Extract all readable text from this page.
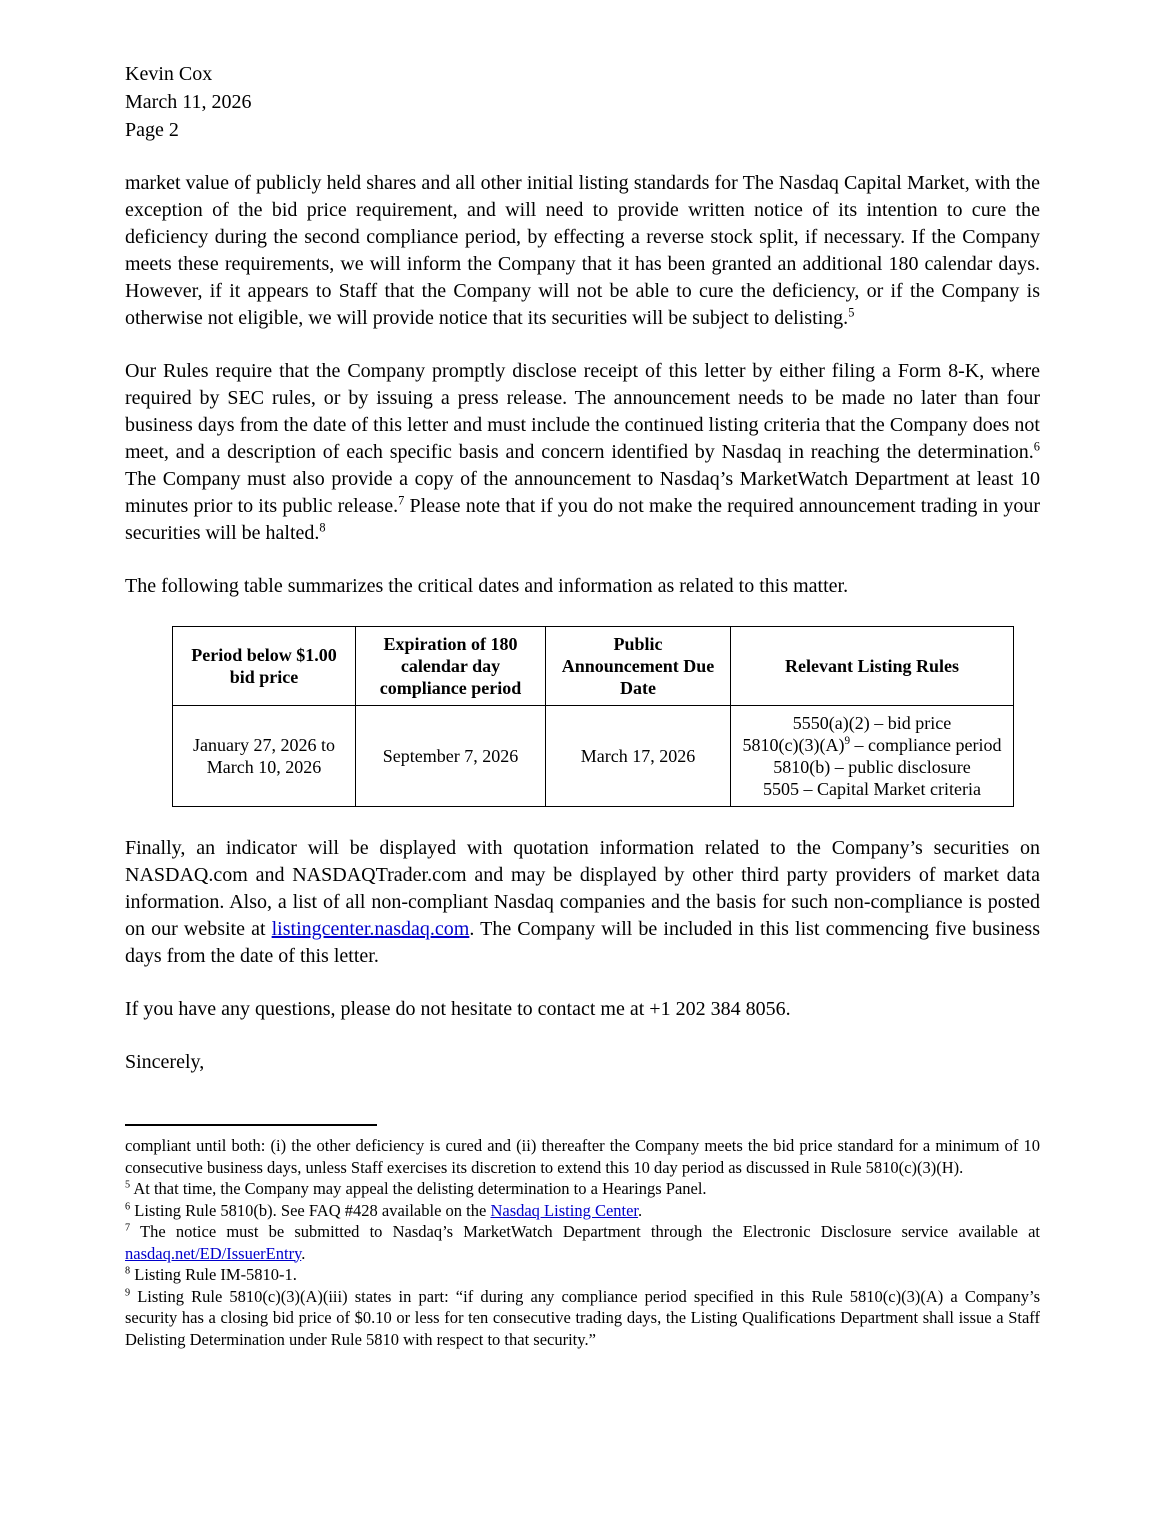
Kevin Cox
March 11, 2026
Page 2

market value of publicly held shares and all other initial listing standards for The Nasdaq Capital Market, with the exception of the bid price requirement, and will need to provide written notice of its intention to cure the deficiency during the second compliance period, by effecting a reverse stock split, if necessary. If the Company meets these requirements, we will inform the Company that it has been granted an additional 180 calendar days. However, if it appears to Staff that the Company will not be able to cure the deficiency, or if the Company is otherwise not eligible, we will provide notice that its securities will be subject to delisting.$^5$

Our Rules require that the Company promptly disclose receipt of this letter by either filing a Form 8-K, where required by SEC rules, or by issuing a press release. The announcement needs to be made no later than four business days from the date of this letter and must include the continued listing criteria that the Company does not meet, and a description of each specific basis and concern identified by Nasdaq in reaching the determination.$^6$ The Company must also provide a copy of the announcement to Nasdaq’s MarketWatch Department at least 10 minutes prior to its public release.$^7$ Please note that if you do not make the required announcement trading in your securities will be halted.$^8$

The following table summarizes the critical dates and information as related to this matter.

Period below $1.00 bid price	Expiration of 180 calendar day compliance period	Public Announcement Due Date	Relevant Listing Rules
January 27, 2026 to March 10, 2026	September 7, 2026	March 17, 2026	5550(a)(2) – bid price
$5810(c)(3)(A)^9$ – compliance period
5810(b) – public disclosure
5505 – Capital Market criteria

Finally, an indicator will be displayed with quotation information related to the Company’s securities on NASDAQ.com and NASDAQTrader.com and may be displayed by other third party providers of market data information. Also, a list of all non-compliant Nasdaq companies and the basis for such non-compliance is posted on our website at listingcenter.nasdaq.com. The Company will be included in this list commencing five business days from the date of this letter.

If you have any questions, please do not hesitate to contact me at +1 202 384 8056.

Sincerely,

compliant until both: (i) the other deficiency is cured and (ii) thereafter the Company meets the bid price standard for a minimum of 10 consecutive business days, unless Staff exercises its discretion to extend this 10 day period as discussed in Rule 5810(c)(3)(H).

$^5$ At that time, the Company may appeal the delisting determination to a Hearings Panel.

$^6$ Listing Rule 5810(b). See FAQ #428 available on the Nasdaq Listing Center.

$^7$ The notice must be submitted to Nasdaq’s MarketWatch Department through the Electronic Disclosure service available at nasdaq.net/ED/IssuerEntry.

$^8$ Listing Rule IM-5810-1.

$^9$ Listing Rule 5810(c)(3)(A)(iii) states in part: “if during any compliance period specified in this Rule 5810(c)(3)(A) a Company’s security has a closing bid price of $0.10 or less for ten consecutive trading days, the Listing Qualifications Department shall issue a Staff Delisting Determination under Rule 5810 with respect to that security.”
